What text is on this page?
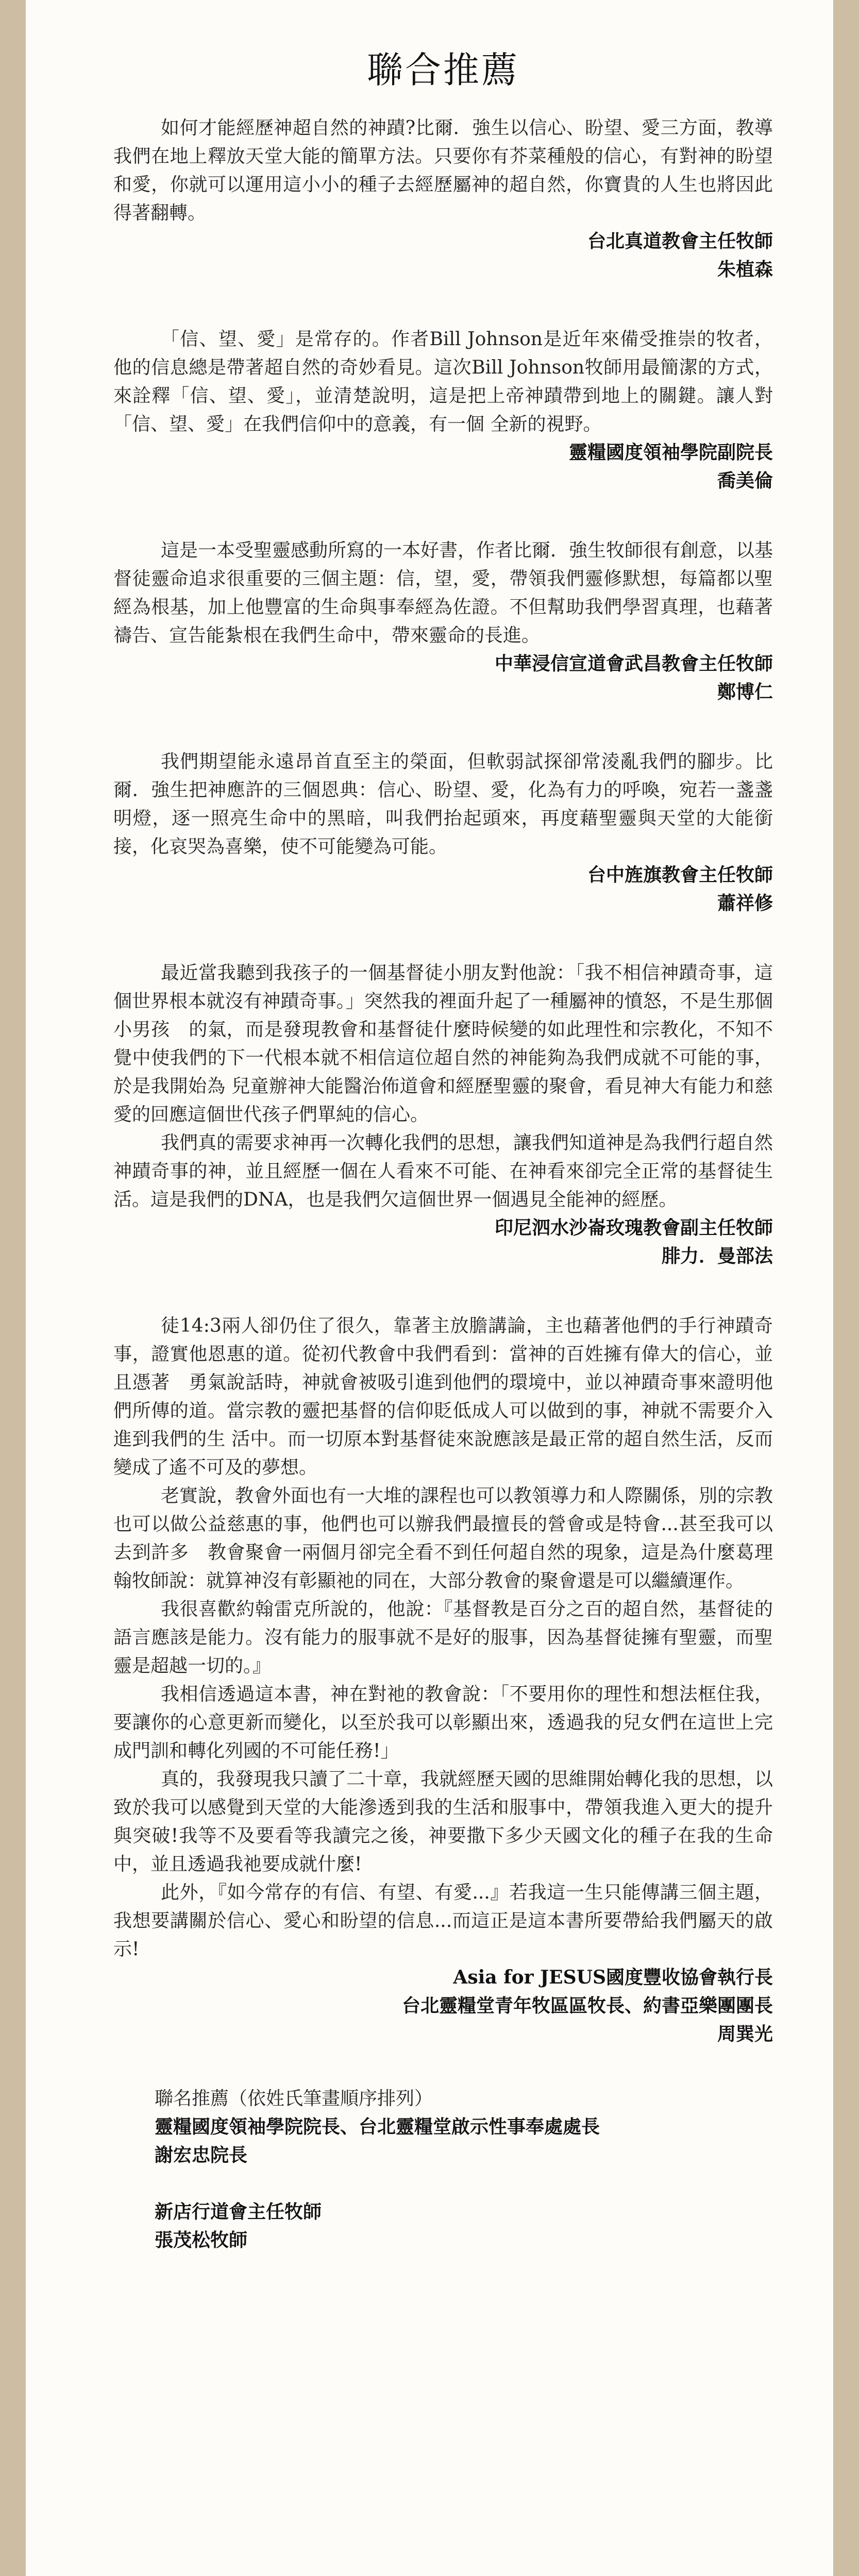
聯合推薦

如何才能經歷神超自然的神蹟?比爾．強生以信心、盼望、愛三方面，教導我們在地上釋放天堂大能的簡單方法。只要你有芥菜種般的信心，有對神的盼望和愛，你就可以運用這小小的種子去經歷屬神的超自然，你寶貴的人生也將因此得著翻轉。

台北真道教會主任牧師

朱植森

「信、望、愛」是常存的。作者Bill Johnson是近年來備受推崇的牧者，他的信息總是帶著超自然的奇妙看見。這次Bill Johnson牧師用最簡潔的方式，來詮釋「信、望、愛」，並清楚說明，這是把上帝神蹟帶到地上的關鍵。讓人對「信、望、愛」在我們信仰中的意義，有一個 全新的視野。

靈糧國度領袖學院副院長

喬美倫

這是一本受聖靈感動所寫的一本好書，作者比爾．強生牧師很有創意，以基督徒靈命追求很重要的三個主題：信，望，愛，帶領我們靈修默想，每篇都以聖經為根基，加上他豐富的生命與事奉經為佐證。不但幫助我們學習真理，也藉著禱告、宣告能紮根在我們生命中，帶來靈命的長進。

中華浸信宣道會武昌教會主任牧師

鄭博仁

我們期望能永遠昂首直至主的榮面，但軟弱試探卻常淩亂我們的腳步。比爾．強生把神應許的三個恩典：信心、盼望、愛，化為有力的呼喚，宛若一盞盞明燈，逐一照亮生命中的黑暗，叫我們抬起頭來，再度藉聖靈與天堂的大能銜接，化哀哭為喜樂，使不可能變為可能。

台中旌旗教會主任牧師

蕭祥修

最近當我聽到我孩子的一個基督徒小朋友對他說：「我不相信神蹟奇事，這個世界根本就沒有神蹟奇事。」突然我的裡面升起了一種屬神的憤怒，不是生那個小男孩　的氣，而是發現教會和基督徒什麼時候變的如此理性和宗教化，不知不覺中使我們的下一代根本就不相信這位超自然的神能夠為我們成就不可能的事，於是我開始為 兒童辦神大能醫治佈道會和經歷聖靈的聚會，看見神大有能力和慈愛的回應這個世代孩子們單純的信心。

我們真的需要求神再一次轉化我們的思想，讓我們知道神是為我們行超自然神蹟奇事的神，並且經歷一個在人看來不可能、在神看來卻完全正常的基督徒生活。這是我們的DNA，也是我們欠這個世界一個遇見全能神的經歷。

印尼泗水沙崙玫瑰教會副主任牧師

腓力．曼部法

徒14:3兩人卻仍住了很久，靠著主放膽講論，主也藉著他們的手行神蹟奇事，證實他恩惠的道。從初代教會中我們看到：當神的百姓擁有偉大的信心，並且憑著　勇氣說話時，神就會被吸引進到他們的環境中，並以神蹟奇事來證明他們所傳的道。當宗教的靈把基督的信仰貶低成人可以做到的事，神就不需要介入進到我們的生 活中。而一切原本對基督徒來說應該是最正常的超自然生活，反而變成了遙不可及的夢想。

老實說，教會外面也有一大堆的課程也可以教領導力和人際關係，別的宗教也可以做公益慈惠的事，他們也可以辦我們最擅長的營會或是特會...甚至我可以去到許多　教會聚會一兩個月卻完全看不到任何超自然的現象，這是為什麼葛理翰牧師說：就算神沒有彰顯祂的同在，大部分教會的聚會還是可以繼續運作。

我很喜歡約翰雷克所說的，他說：『基督教是百分之百的超自然，基督徒的語言應該是能力。沒有能力的服事就不是好的服事，因為基督徒擁有聖靈，而聖靈是超越一切的。』

我相信透過這本書，神在對祂的教會說：「不要用你的理性和想法框住我，要讓你的心意更新而變化，以至於我可以彰顯出來，透過我的兒女們在這世上完成門訓和轉化列國的不可能任務!」

真的，我發現我只讀了二十章，我就經歷天國的思維開始轉化我的思想，以致於我可以感覺到天堂的大能滲透到我的生活和服事中，帶領我進入更大的提升與突破!我等不及要看等我讀完之後，神要撒下多少天國文化的種子在我的生命中，並且透過我祂要成就什麼!

此外，『如今常存的有信、有望、有愛...』若我這一生只能傳講三個主題，我想要講關於信心、愛心和盼望的信息...而這正是這本書所要帶給我們屬天的啟示!

Asia for JESUS國度豐收協會執行長

台北靈糧堂青年牧區區牧長、約書亞樂團團長

周巽光

聯名推薦（依姓氏筆畫順序排列）

靈糧國度領袖學院院長、台北靈糧堂啟示性事奉處處長

謝宏忠院長

新店行道會主任牧師

張茂松牧師
